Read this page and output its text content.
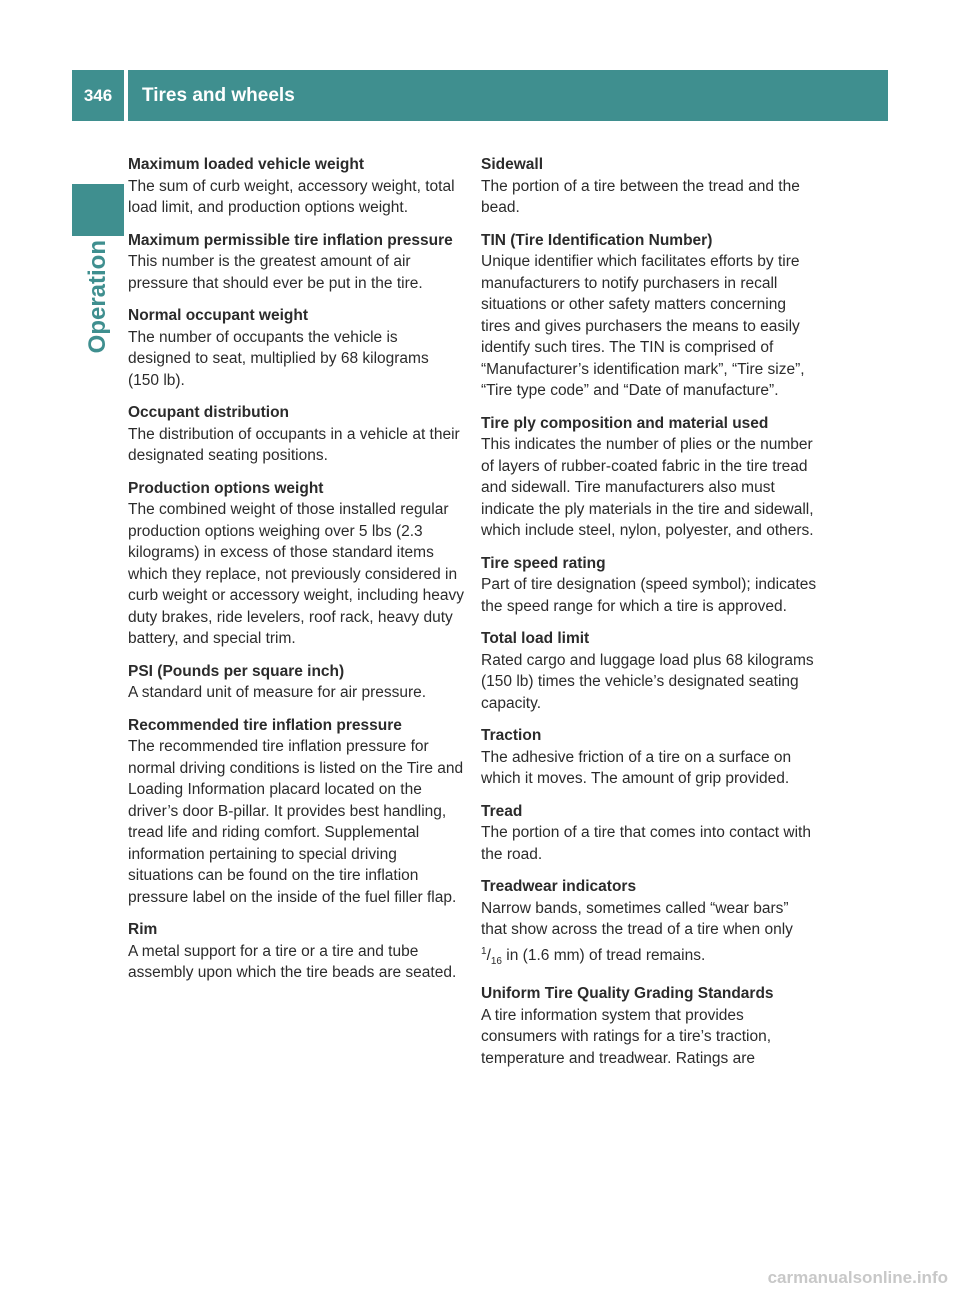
346	Tires and wheels
Operation
Maximum loaded vehicle weight
The sum of curb weight, accessory weight, total load limit, and production options weight.
Maximum permissible tire inflation pressure
This number is the greatest amount of air pressure that should ever be put in the tire.
Normal occupant weight
The number of occupants the vehicle is designed to seat, multiplied by 68 kilograms (150 lb).
Occupant distribution
The distribution of occupants in a vehicle at their designated seating positions.
Production options weight
The combined weight of those installed regular production options weighing over 5 lbs (2.3 kilograms) in excess of those standard items which they replace, not previously considered in curb weight or accessory weight, including heavy duty brakes, ride levelers, roof rack, heavy duty battery, and special trim.
PSI (Pounds per square inch)
A standard unit of measure for air pressure.
Recommended tire inflation pressure
The recommended tire inflation pressure for normal driving conditions is listed on the Tire and Loading Information placard located on the driver’s door B-pillar. It provides best handling, tread life and riding comfort. Supplemental information pertaining to special driving situations can be found on the tire inflation pressure label on the inside of the fuel filler flap.
Rim
A metal support for a tire or a tire and tube assembly upon which the tire beads are seated.
Sidewall
The portion of a tire between the tread and the bead.
TIN (Tire Identification Number)
Unique identifier which facilitates efforts by tire manufacturers to notify purchasers in recall situations or other safety matters concerning tires and gives purchasers the means to easily identify such tires. The TIN is comprised of “Manufacturer’s identification mark”, “Tire size”, “Tire type code” and “Date of manufacture”.
Tire ply composition and material used
This indicates the number of plies or the number of layers of rubber-coated fabric in the tire tread and sidewall. Tire manufacturers also must indicate the ply materials in the tire and sidewall, which include steel, nylon, polyester, and others.
Tire speed rating
Part of tire designation (speed symbol); indicates the speed range for which a tire is approved.
Total load limit
Rated cargo and luggage load plus 68 kilograms (150 lb) times the vehicle’s designated seating capacity.
Traction
The adhesive friction of a tire on a surface on which it moves. The amount of grip provided.
Tread
The portion of a tire that comes into contact with the road.
Treadwear indicators
Narrow bands, sometimes called “wear bars” that show across the tread of a tire when only $^1/_{16}$ in (1.6 mm) of tread remains.
Uniform Tire Quality Grading Standards
A tire information system that provides consumers with ratings for a tire’s traction, temperature and treadwear. Ratings are
carmanualsonline.info
